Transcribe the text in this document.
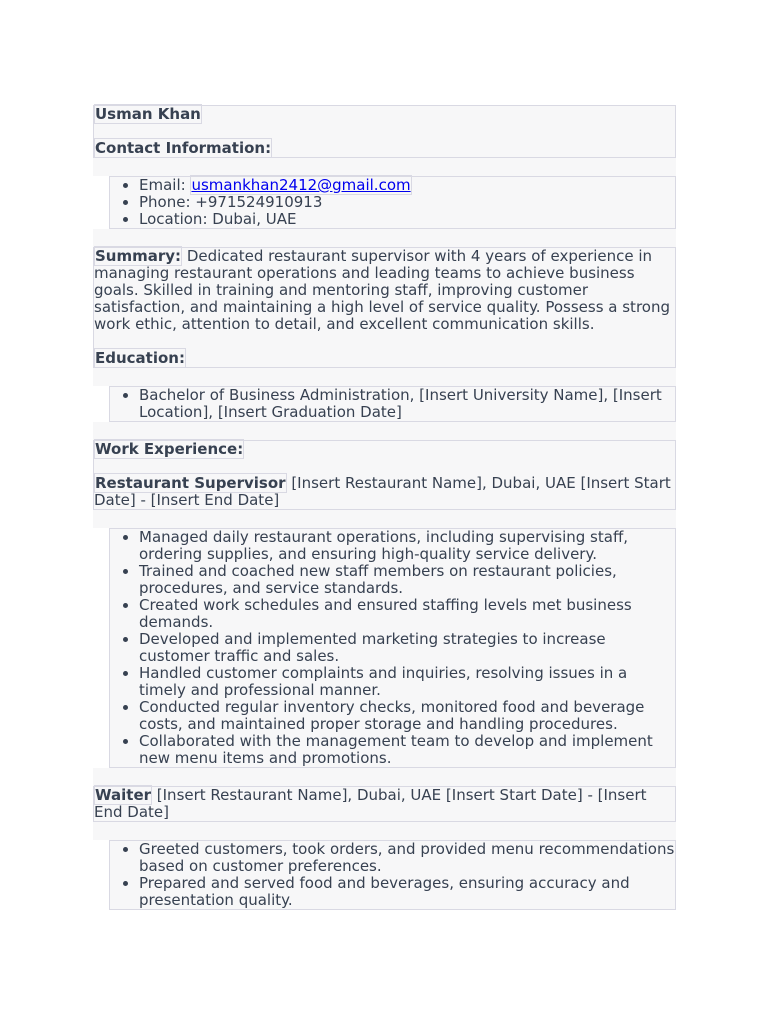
Usman Khan

Contact Information:

• Email: usmankhan2412@gmail.com
• Phone: +971524910913
• Location: Dubai, UAE

Summary: Dedicated restaurant supervisor with 4 years of experience in managing restaurant operations and leading teams to achieve business goals. Skilled in training and mentoring staff, improving customer satisfaction, and maintaining a high level of service quality. Possess a strong work ethic, attention to detail, and excellent communication skills.

Education:

• Bachelor of Business Administration, [Insert University Name], [Insert Location], [Insert Graduation Date]

Work Experience:

Restaurant Supervisor [Insert Restaurant Name], Dubai, UAE [Insert Start Date] - [Insert End Date]

• Managed daily restaurant operations, including supervising staff, ordering supplies, and ensuring high-quality service delivery.
• Trained and coached new staff members on restaurant policies, procedures, and service standards.
• Created work schedules and ensured staffing levels met business demands.
• Developed and implemented marketing strategies to increase customer traffic and sales.
• Handled customer complaints and inquiries, resolving issues in a timely and professional manner.
• Conducted regular inventory checks, monitored food and beverage costs, and maintained proper storage and handling procedures.
• Collaborated with the management team to develop and implement new menu items and promotions.

Waiter [Insert Restaurant Name], Dubai, UAE [Insert Start Date] - [Insert End Date]

• Greeted customers, took orders, and provided menu recommendations based on customer preferences.
• Prepared and served food and beverages, ensuring accuracy and presentation quality.
